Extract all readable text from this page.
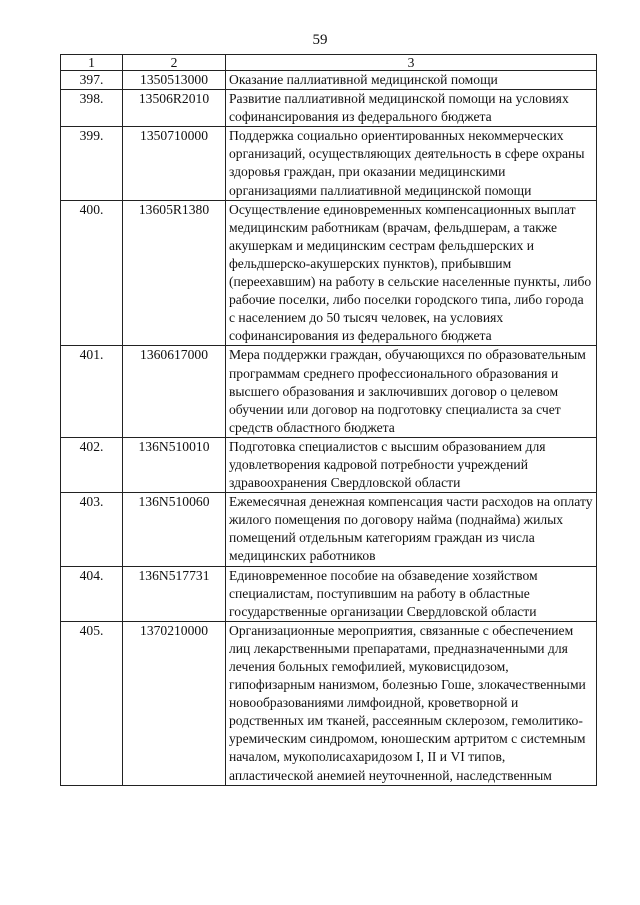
59
1	2	3
397.	1350513000	Оказание паллиативной медицинской помощи
398.	13506R2010	Развитие паллиативной медицинской помощи на условиях софинансирования из федерального бюджета
399.	1350710000	Поддержка социально ориентированных некоммерческих организаций, осуществляющих деятельность в сфере охраны здоровья граждан, при оказании медицинскими организациями паллиативной медицинской помощи
400.	13605R1380	Осуществление единовременных компенсационных выплат медицинским работникам (врачам, фельдшерам, а также акушеркам и медицинским сестрам фельдшерских и фельдшерско-акушерских пунктов), прибывшим (переехавшим) на работу в сельские населенные пункты, либо рабочие поселки, либо поселки городского типа, либо города с населением до 50 тысяч человек, на условиях софинансирования из федерального бюджета
401.	1360617000	Мера поддержки граждан, обучающихся по образовательным программам среднего профессионального образования и высшего образования и заключивших договор о целевом обучении или договор на подготовку специалиста за счет средств областного бюджета
402.	136N510010	Подготовка специалистов с высшим образованием для удовлетворения кадровой потребности учреждений здравоохранения Свердловской области
403.	136N510060	Ежемесячная денежная компенсация части расходов на оплату жилого помещения по договору найма (поднайма) жилых помещений отдельным категориям граждан из числа медицинских работников
404.	136N517731	Единовременное пособие на обзаведение хозяйством специалистам, поступившим на работу в областные государственные организации Свердловской области
405.	1370210000	Организационные мероприятия, связанные с обеспечением лиц лекарственными препаратами, предназначенными для лечения больных гемофилией, муковисцидозом, гипофизарным нанизмом, болезнью Гоше, злокачественными новообразованиями лимфоидной, кроветворной и родственных им тканей, рассеянным склерозом, гемолитико-уремическим синдромом, юношеским артритом с системным началом, мукополисахаридозом I, II и VI типов, апластической анемией неуточненной, наследственным
